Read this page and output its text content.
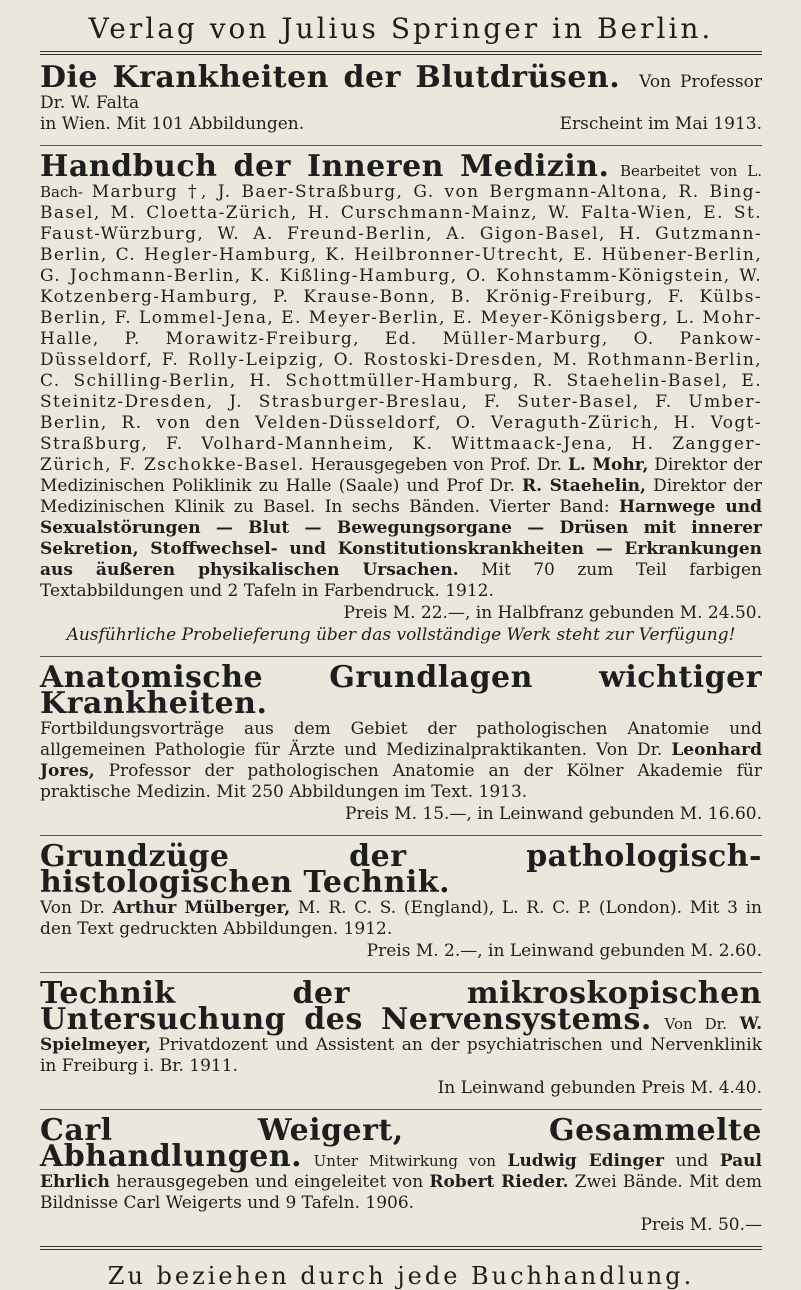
Verlag von Julius Springer in Berlin.

Die Krankheiten der Blutdrüsen. Von Professor Dr. W. Falta

in Wien. Mit 101 Abbildungen.	Erscheint im Mai 1913.

Handbuch der Inneren Medizin. Bearbeitet von L. Bach- Marburg †, J. Baer-Straßburg, G. von Bergmann-Altona, R. Bing-Basel, M. Cloetta-Zürich, H. Curschmann-Mainz, W. Falta-Wien, E. St. Faust-Würzburg, W. A. Freund-Berlin, A. Gigon-Basel, H. Gutzmann-Berlin, C. Hegler-Hamburg, K. Heilbronner-Utrecht, E. Hübener-Berlin, G. Jochmann-Berlin, K. Kißling-Hamburg, O. Kohnstamm-Königstein, W. Kotzenberg-Hamburg, P. Krause-Bonn, B. Krönig-Freiburg, F. Külbs-Berlin, F. Lommel-Jena, E. Meyer-Berlin, E. Meyer-Königsberg, L. Mohr-Halle, P. Morawitz-Freiburg, Ed. Müller-Marburg, O. Pankow-Düsseldorf, F. Rolly-Leipzig, O. Rostoski-Dresden, M. Rothmann-Berlin, C. Schilling-Berlin, H. Schottmüller-Hamburg, R. Staehelin-Basel, E. Steinitz-Dresden, J. Strasburger-Breslau, F. Suter-Basel, F. Umber-Berlin, R. von den Velden-Düsseldorf, O. Veraguth-Zürich, H. Vogt-Straßburg, F. Volhard-Mannheim, K. Wittmaack-Jena, H. Zangger-Zürich, F. Zschokke-Basel. Herausgegeben von Prof. Dr. L. Mohr, Direktor der Medizinischen Poliklinik zu Halle (Saale) und Prof Dr. R. Staehelin, Direktor der Medizinischen Klinik zu Basel. In sechs Bänden. Vierter Band: Harnwege und Sexualstörungen — Blut — Bewegungsorgane — Drüsen mit innerer Sekretion, Stoffwechsel- und Konstitutionskrankheiten — Erkrankungen aus äußeren physikalischen Ursachen. Mit 70 zum Teil farbigen Textabbildungen und 2 Tafeln in Farbendruck. 1912.

Preis M. 22.—, in Halbfranz gebunden M. 24.50.
Ausführliche Probelieferung über das vollständige Werk steht zur Verfügung!

Anatomische Grundlagen wichtiger Krankheiten.

Fortbildungsvorträge aus dem Gebiet der pathologischen Anatomie und allgemeinen Pathologie für Ärzte und Medizinalpraktikanten. Von Dr. Leonhard Jores, Professor der pathologischen Anatomie an der Kölner Akademie für praktische Medizin. Mit 250 Abbildungen im Text. 1913.

Preis M. 15.—, in Leinwand gebunden M. 16.60.

Grundzüge der pathologisch-histologischen Technik.

Von Dr. Arthur Mülberger, M. R. C. S. (England), L. R. C. P. (London). Mit 3 in den Text gedruckten Abbildungen. 1912.

Preis M. 2.—, in Leinwand gebunden M. 2.60.

Technik der mikroskopischen Untersuchung des Nervensystems. Von Dr. W. Spielmeyer, Privatdozent und Assistent an der psychiatrischen und Nervenklinik in Freiburg i. Br. 1911.

In Leinwand gebunden Preis M. 4.40.

Carl Weigert, Gesammelte Abhandlungen. Unter Mitwirkung von Ludwig Edinger und Paul Ehrlich herausgegeben und eingeleitet von Robert Rieder. Zwei Bände. Mit dem Bildnisse Carl Weigerts und 9 Tafeln. 1906.

Preis M. 50.—
Zu beziehen durch jede Buchhandlung.
